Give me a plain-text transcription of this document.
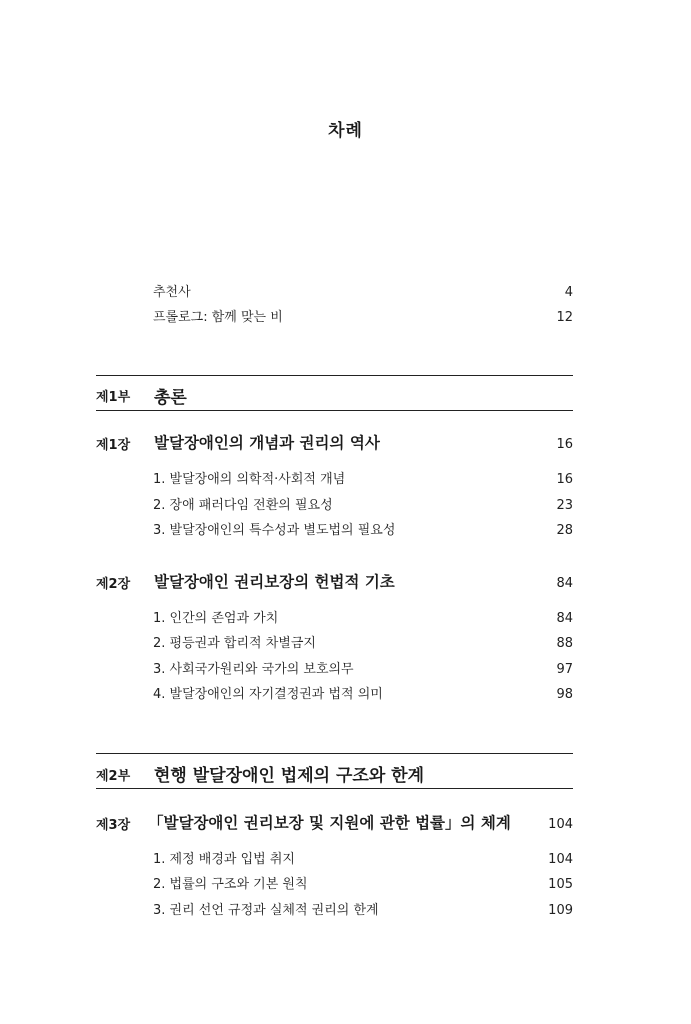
차례
추천사	4
프롤로그: 함께 맞는 비	12
제1부 총론
제1장 발달장애인의 개념과 권리의 역사	16
1. 발달장애의 의학적·사회적 개념	16
2. 장애 패러다임 전환의 필요성	23
3. 발달장애인의 특수성과 별도법의 필요성	28
제2장 발달장애인 권리보장의 헌법적 기초	84
1. 인간의 존엄과 가치	84
2. 평등권과 합리적 차별금지	88
3. 사회국가원리와 국가의 보호의무	97
4. 발달장애인의 자기결정권과 법적 의미	98
제2부 현행 발달장애인 법제의 구조와 한계
제3장 「발달장애인 권리보장 및 지원에 관한 법률」의 체계	104
1. 제정 배경과 입법 취지	104
2. 법률의 구조와 기본 원칙	105
3. 권리 선언 규정과 실체적 권리의 한계	109
